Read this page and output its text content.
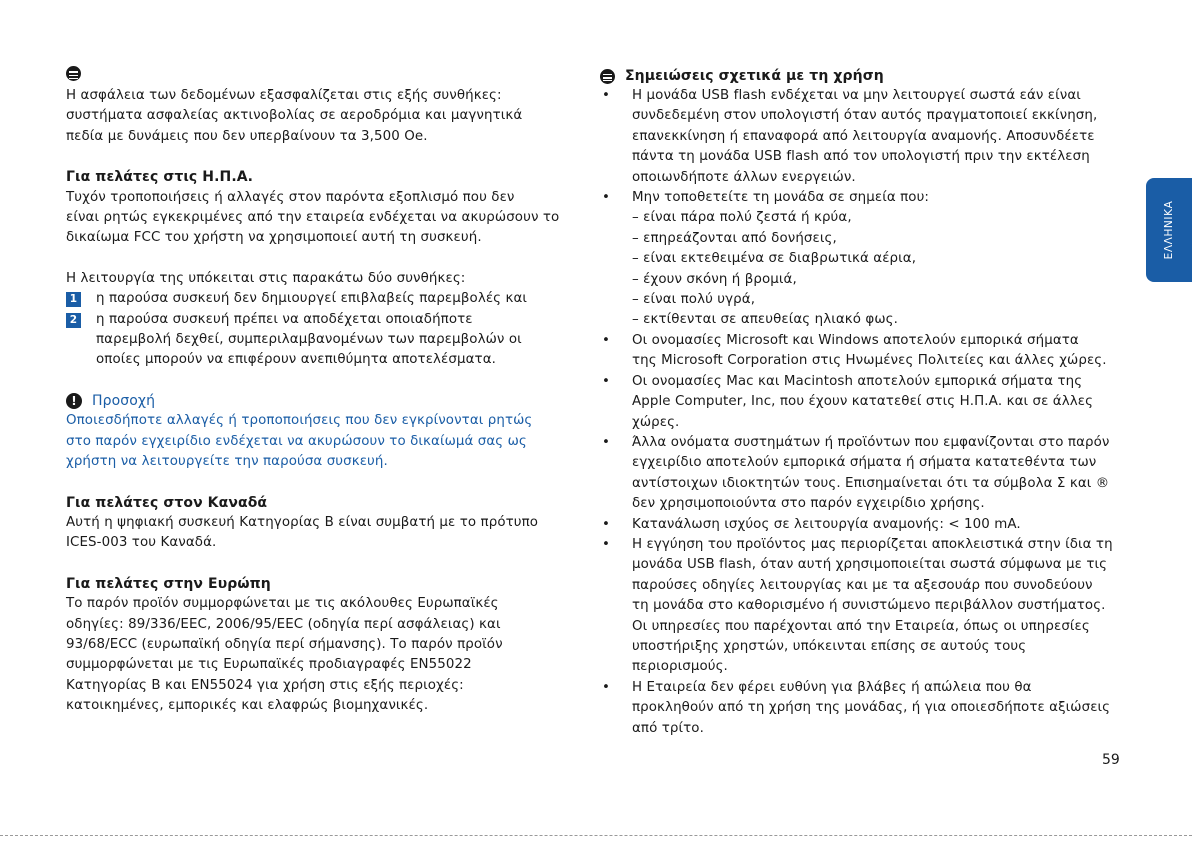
Η ασφάλεια των δεδομένων εξασφαλίζεται στις εξής συνθήκες:
συστήματα ασφαλείας ακτινοβολίας σε αεροδρόμια και μαγνητικά
πεδία με δυνάμεις που δεν υπερβαίνουν τα 3,500 Oe.
Για πελάτες στις Η.Π.Α.
Τυχόν τροποποιήσεις ή αλλαγές στον παρόντα εξοπλισμό που δεν
είναι ρητώς εγκεκριμένες από την εταιρεία ενδέχεται να ακυρώσουν το
δικαίωμα FCC του χρήστη να χρησιμοποιεί αυτή τη συσκευή.
Η λειτουργία της υπόκειται στις παρακάτω δύο συνθήκες:
1 η παρούσα συσκευή δεν δημιουργεί επιβλαβείς παρεμβολές και
2 η παρούσα συσκευή πρέπει να αποδέχεται οποιαδήποτε
παρεμβολή δεχθεί, συμπεριλαμβανομένων των παρεμβολών οι
οποίες μπορούν να επιφέρουν ανεπιθύμητα αποτελέσματα.
!	Προσοχή
Οποιεσδήποτε αλλαγές ή τροποποιήσεις που δεν εγκρίνονται ρητώς
στο παρόν εγχειρίδιο ενδέχεται να ακυρώσουν το δικαίωμά σας ως
χρήστη να λειτουργείτε την παρούσα συσκευή.
Για πελάτες στον Καναδά
Αυτή η ψηφιακή συσκευή Κατηγορίας B είναι συμβατή με το πρότυπο
ICES-003 του Καναδά.
Για πελάτες στην Ευρώπη
Το παρόν προϊόν συμμορφώνεται με τις ακόλουθες Ευρωπαϊκές
οδηγίες: 89/336/EEC, 2006/95/EEC (οδηγία περί ασφάλειας) και
93/68/ECC (ευρωπαϊκή οδηγία περί σήμανσης). Το παρόν προϊόν
συμμορφώνεται με τις Ευρωπαϊκές προδιαγραφές EN55022
Κατηγορίας B και EN55024 για χρήση στις εξής περιοχές:
κατοικημένες, εμπορικές και ελαφρώς βιομηχανικές.
Σημειώσεις σχετικά με τη χρήση
• Η μονάδα USB flash ενδέχεται να μην λειτουργεί σωστά εάν είναι
συνδεδεμένη στον υπολογιστή όταν αυτός πραγματοποιεί εκκίνηση,
επανεκκίνηση ή επαναφορά από λειτουργία αναμονής. Αποσυνδέετε
πάντα τη μονάδα USB flash από τον υπολογιστή πριν την εκτέλεση
οποιωνδήποτε άλλων ενεργειών.
• Μην τοποθετείτε τη μονάδα σε σημεία που:
– είναι πάρα πολύ ζεστά ή κρύα,
– επηρεάζονται από δονήσεις,
– είναι εκτεθειμένα σε διαβρωτικά αέρια,
– έχουν σκόνη ή βρομιά,
– είναι πολύ υγρά,
– εκτίθενται σε απευθείας ηλιακό φως.
• Οι ονομασίες Microsoft και Windows αποτελούν εμπορικά σήματα
της Microsoft Corporation στις Ηνωμένες Πολιτείες και άλλες χώρες.
• Οι ονομασίες Mac και Macintosh αποτελούν εμπορικά σήματα της
Apple Computer, Inc, που έχουν κατατεθεί στις Η.Π.Α. και σε άλλες
χώρες.
• Άλλα ονόματα συστημάτων ή προϊόντων που εμφανίζονται στο παρόν
εγχειρίδιο αποτελούν εμπορικά σήματα ή σήματα κατατεθέντα των
αντίστοιχων ιδιοκτητών τους. Επισημαίνεται ότι τα σύμβολα Σ και ®
δεν χρησιμοποιούντα στο παρόν εγχειρίδιο χρήσης.
• Κατανάλωση ισχύος σε λειτουργία αναμονής: < 100 mA.
• Η εγγύηση του προϊόντος μας περιορίζεται αποκλειστικά στην ίδια τη
μονάδα USB flash, όταν αυτή χρησιμοποιείται σωστά σύμφωνα με τις
παρούσες οδηγίες λειτουργίας και με τα αξεσουάρ που συνοδεύουν
τη μονάδα στο καθορισμένο ή συνιστώμενο περιβάλλον συστήματος.
Οι υπηρεσίες που παρέχονται από την Εταιρεία, όπως οι υπηρεσίες
υποστήριξης χρηστών, υπόκεινται επίσης σε αυτούς τους
περιορισμούς.
• Η Εταιρεία δεν φέρει ευθύνη για βλάβες ή απώλεια που θα
προκληθούν από τη χρήση της μονάδας, ή για οποιεσδήποτε αξιώσεις
από τρίτο.
ΕΛΛΗΝΙΚΑ
59
